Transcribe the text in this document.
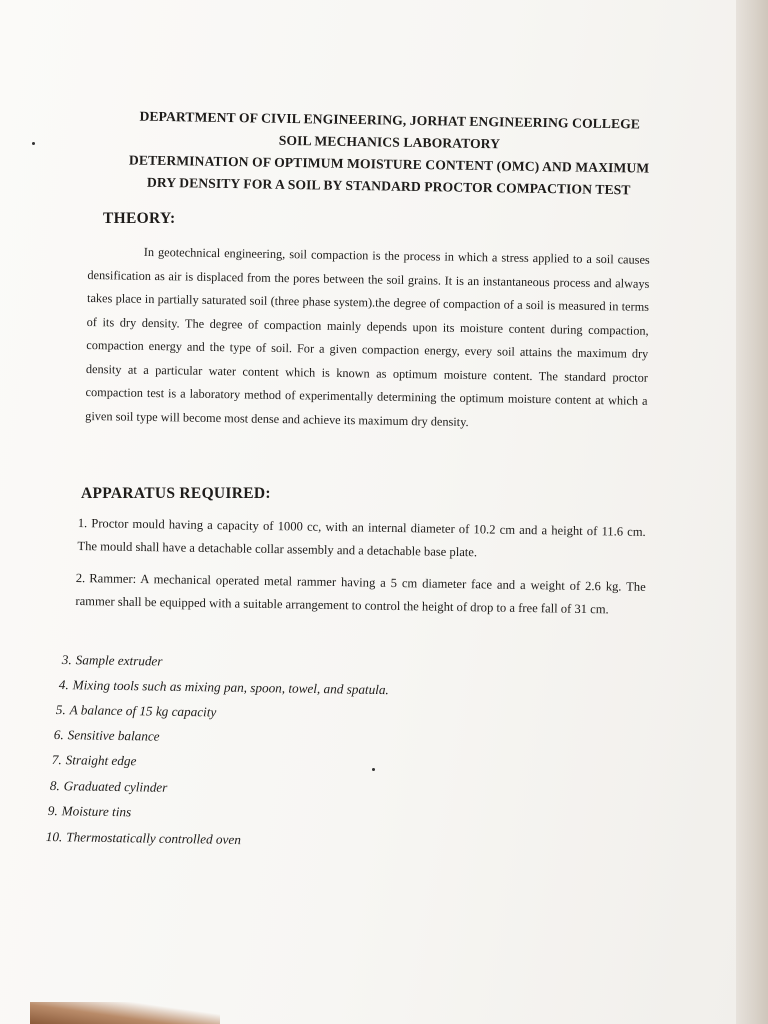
DEPARTMENT OF CIVIL ENGINEERING, JORHAT ENGINEERING COLLEGE
SOIL MECHANICS LABORATORY
DETERMINATION OF OPTIMUM MOISTURE CONTENT (OMC) AND MAXIMUM
DRY DENSITY FOR A SOIL BY STANDARD PROCTOR COMPACTION TEST
THEORY:
In geotechnical engineering, soil compaction is the process in which a stress applied to a soil causes densification as air is displaced from the pores between the soil grains. It is an instantaneous process and always takes place in partially saturated soil (three phase system).the degree of compaction of a soil is measured in terms of its dry density. The degree of compaction mainly depends upon its moisture content during compaction, compaction energy and the type of soil. For a given compaction energy, every soil attains the maximum dry density at a particular water content which is known as optimum moisture content. The standard proctor compaction test is a laboratory method of experimentally determining the optimum moisture content at which a given soil type will become most dense and achieve its maximum dry density.
APPARATUS REQUIRED:
1. Proctor mould having a capacity of 1000 cc, with an internal diameter of 10.2 cm and a height of 11.6 cm. The mould shall have a detachable collar assembly and a detachable base plate.
2. Rammer: A mechanical operated metal rammer having a 5 cm diameter face and a weight of 2.6 kg. The rammer shall be equipped with a suitable arrangement to control the height of drop to a free fall of 31 cm.
3. Sample extruder
4. Mixing tools such as mixing pan, spoon, towel, and spatula.
5. A balance of 15 kg capacity
6. Sensitive balance
7. Straight edge
8. Graduated cylinder
9. Moisture tins
10. Thermostatically controlled oven
